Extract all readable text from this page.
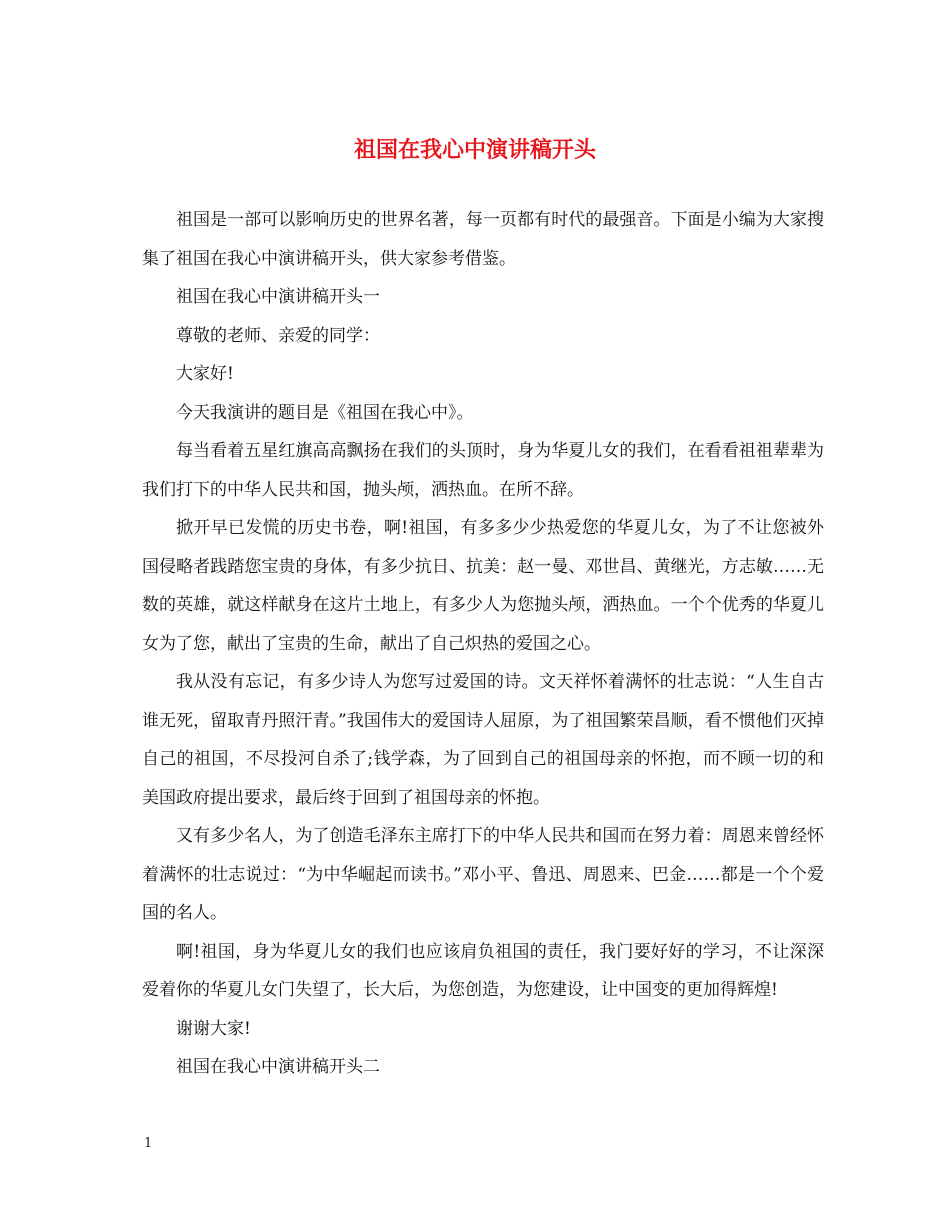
祖国在我心中演讲稿开头

祖国是一部可以影响历史的世界名著，每一页都有时代的最强音。下面是小编为大家搜集了祖国在我心中演讲稿开头，供大家参考借鉴。

祖国在我心中演讲稿开头一

尊敬的老师、亲爱的同学：

大家好!

今天我演讲的题目是《祖国在我心中》。

每当看着五星红旗高高飘扬在我们的头顶时，身为华夏儿女的我们，在看看祖祖辈辈为我们打下的中华人民共和国，抛头颅，洒热血。在所不辞。

掀开早已发慌的历史书卷，啊!祖国，有多多少少热爱您的华夏儿女，为了不让您被外国侵略者践踏您宝贵的身体，有多少抗日、抗美：赵一曼、邓世昌、黄继光，方志敏……无数的英雄，就这样献身在这片土地上，有多少人为您抛头颅，洒热血。一个个优秀的华夏儿女为了您，献出了宝贵的生命，献出了自己炽热的爱国之心。

我从没有忘记，有多少诗人为您写过爱国的诗。文天祥怀着满怀的壮志说：“人生自古谁无死，留取青丹照汗青。”我国伟大的爱国诗人屈原，为了祖国繁荣昌顺，看不惯他们灭掉自己的祖国，不尽投河自杀了;钱学森，为了回到自己的祖国母亲的怀抱，而不顾一切的和美国政府提出要求，最后终于回到了祖国母亲的怀抱。

又有多少名人，为了创造毛泽东主席打下的中华人民共和国而在努力着：周恩来曾经怀着满怀的壮志说过：“为中华崛起而读书。”邓小平、鲁迅、周恩来、巴金……都是一个个爱国的名人。

啊!祖国，身为华夏儿女的我们也应该肩负祖国的责任，我门要好好的学习，不让深深爱着你的华夏儿女门失望了，长大后，为您创造，为您建设，让中国变的更加得辉煌!

谢谢大家!

祖国在我心中演讲稿开头二

1
